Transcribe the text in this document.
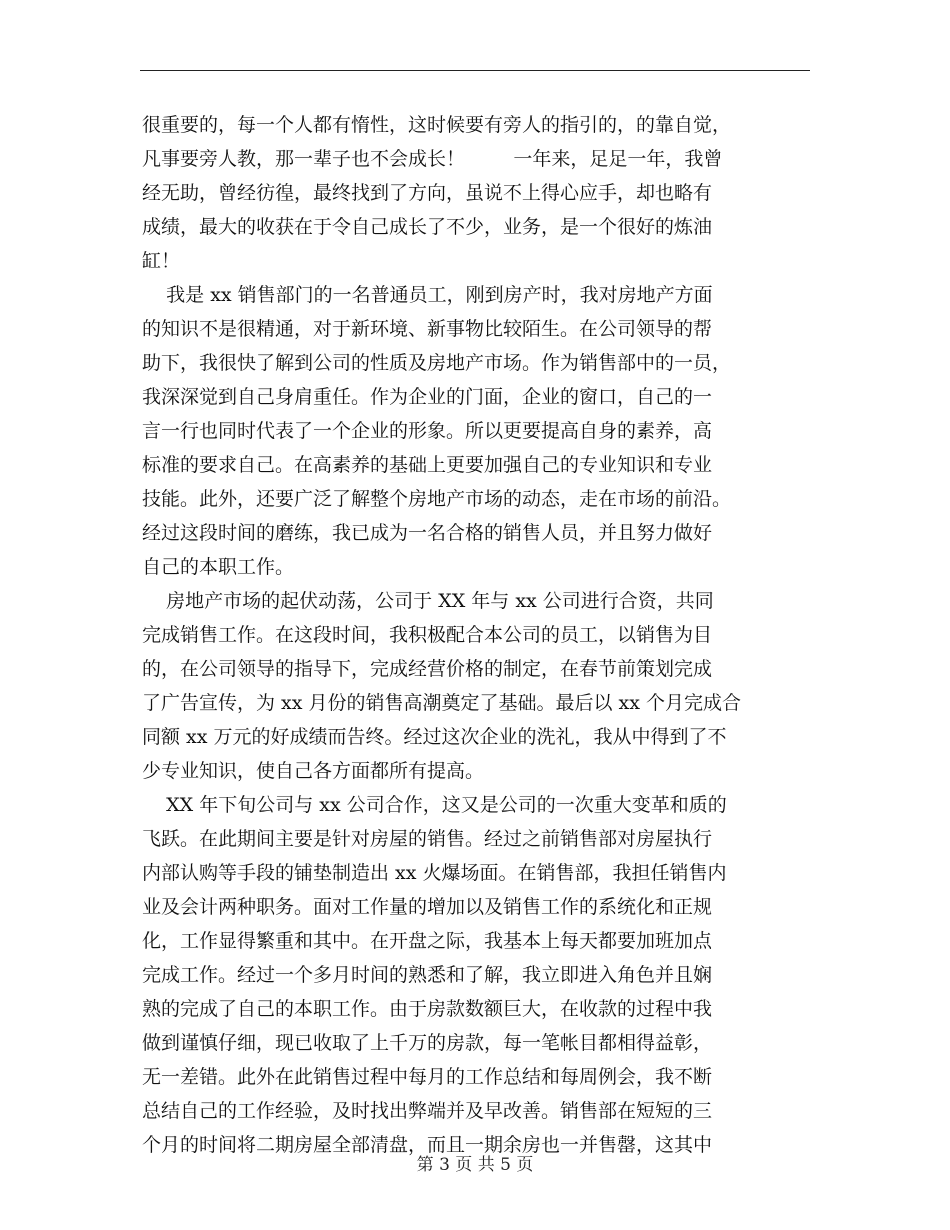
很重要的，每一个人都有惰性，这时候要有旁人的指引的，的靠自觉，
凡事要旁人教，那一辈子也不会成长！        一年来，足足一年，我曾
经无助，曾经彷徨，最终找到了方向，虽说不上得心应手，却也略有
成绩，最大的收获在于令自己成长了不少，业务，是一个很好的炼油
缸！
我是 xx 销售部门的一名普通员工，刚到房产时，我对房地产方面
的知识不是很精通，对于新环境、新事物比较陌生。在公司领导的帮
助下，我很快了解到公司的性质及房地产市场。作为销售部中的一员，
我深深觉到自己身肩重任。作为企业的门面，企业的窗口，自己的一
言一行也同时代表了一个企业的形象。所以更要提高自身的素养，高
标准的要求自己。在高素养的基础上更要加强自己的专业知识和专业
技能。此外，还要广泛了解整个房地产市场的动态，走在市场的前沿。
经过这段时间的磨练，我已成为一名合格的销售人员，并且努力做好
自己的本职工作。
房地产市场的起伏动荡，公司于 XX 年与 xx 公司进行合资，共同
完成销售工作。在这段时间，我积极配合本公司的员工，以销售为目
的，在公司领导的指导下，完成经营价格的制定，在春节前策划完成
了广告宣传，为 xx 月份的销售高潮奠定了基础。最后以 xx 个月完成合
同额 xx 万元的好成绩而告终。经过这次企业的洗礼，我从中得到了不
少专业知识，使自己各方面都所有提高。
XX 年下旬公司与 xx 公司合作，这又是公司的一次重大变革和质的
飞跃。在此期间主要是针对房屋的销售。经过之前销售部对房屋执行
内部认购等手段的铺垫制造出 xx 火爆场面。在销售部，我担任销售内
业及会计两种职务。面对工作量的增加以及销售工作的系统化和正规
化，工作显得繁重和其中。在开盘之际，我基本上每天都要加班加点
完成工作。经过一个多月时间的熟悉和了解，我立即进入角色并且娴
熟的完成了自己的本职工作。由于房款数额巨大，在收款的过程中我
做到谨慎仔细，现已收取了上千万的房款，每一笔帐目都相得益彰，
无一差错。此外在此销售过程中每月的工作总结和每周例会，我不断
总结自己的工作经验，及时找出弊端并及早改善。销售部在短短的三
个月的时间将二期房屋全部清盘，而且一期余房也一并售罄，这其中
第 3 页 共 5 页
